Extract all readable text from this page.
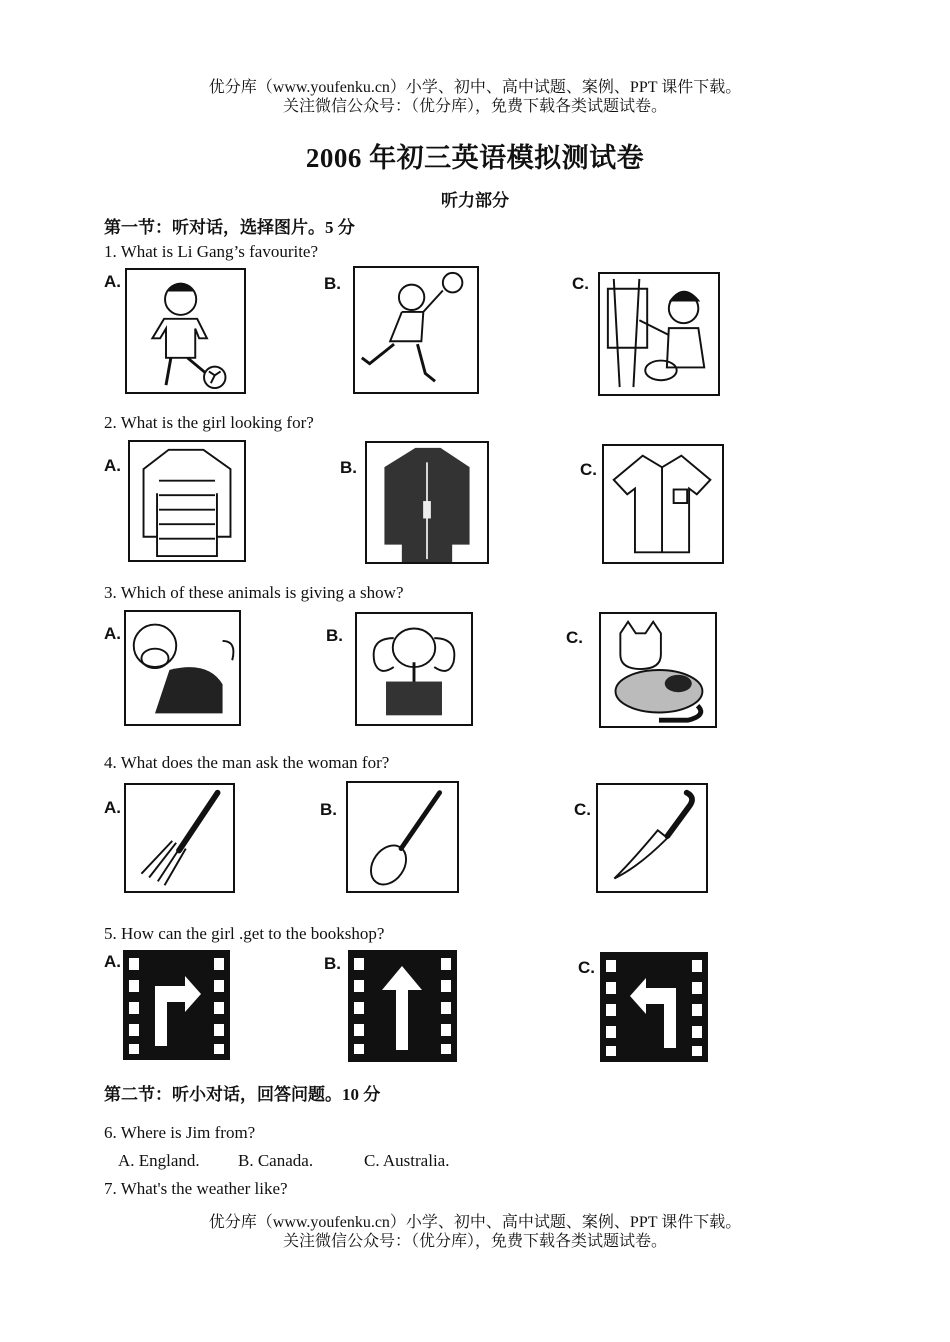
优分库（www.youfenku.cn）小学、初中、高中试题、案例、PPT 课件下载。
关注微信公众号：（优分库），免费下载各类试题试卷。
2006 年初三英语模拟测试卷
听力部分
第一节：听对话，选择图片。5 分
1. What is Li Gang’s favourite?
A.	B.	C.
2. What is the girl looking for?
A.	B.	C.
3. Which of these animals is giving a show?
A.	B.	C.
4. What does the man ask the woman for?
A.	B.	C.
5. How can the girl .get to the bookshop?
A.	B.	C.
第二节：听小对话，回答问题。10 分
6. Where is Jim from?
A. England. B. Canada.	C. Australia.
7. What's the weather like?
优分库（www.youfenku.cn）小学、初中、高中试题、案例、PPT 课件下载。
关注微信公众号：（优分库），免费下载各类试题试卷。
